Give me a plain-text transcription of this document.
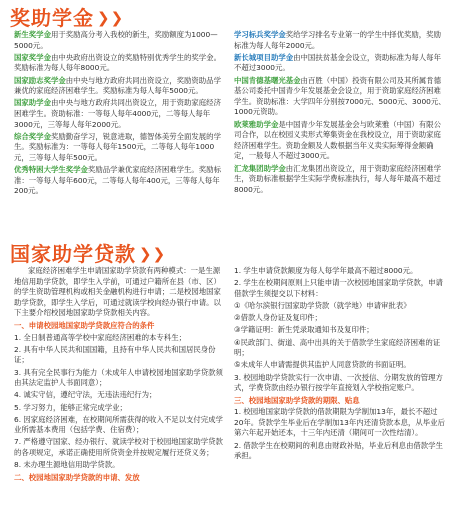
奖助学金 ❯❯

新生奖学金用于奖励高分考入我校的新生，奖励额度为1000—5000元。

国家奖学金由中央政府出资设立的奖励特别优秀学生的奖学金。奖励标准为每人每年8000元。

国家励志奖学金由中央与地方政府共同出资设立，奖励资助品学兼优的家庭经济困难学生。奖励标准为每人每年5000元。

国家助学金由中央与地方政府共同出资设立，用于资助家庭经济困难学生。资助标准：一等每人每年4000元，二等每人每年3000元，三等每人每年2000元。

综合奖学金奖励勤奋学习，锐意进取，德智体美劳全面发展的学生。奖励标准为：一等每人每年1500元，二等每人每年1000元，三等每人每年500元。

优秀特困大学生奖学金奖励品学兼优家庭经济困难学生。奖励标准：一等每人每年600元，二等每人每年400元，三等每人每年200元。

学习标兵奖学金奖给学习排名专业第一的学生中择优奖励，奖励标准为每人每年2000元。

新长城项目助学金由中国扶贫基金会设立，资助标准为每人每年不超过3000元。

中国肯德基曙光基金由百胜（中国）投资有限公司及其所属肯德基公司委托中国青少年发展基金会设立，用于资助家庭经济困难学生。资助标准：大学四年分别按7000元、5000元、3000元、1000元资助。

欧莱雅助学金是中国青少年发展基金会与欧莱雅（中国）有限公司合作，以在校园义卖形式筹集资金在我校设立，用于资助家庭经济困难学生。资助金额及人数根据当年义卖实际筹得金额确定，一般每人不超过3000元。

汇龙集团助学金由汇龙集团出资设立，用于资助家庭经济困难学生，资助标准根据学生实际学费标准执行，每人每年最高不超过8000元。

国家助学贷款 ❯❯

家庭经济困难学生申请国家助学贷款有两种模式：一是生源地信用助学贷款，即学生入学前，可通过户籍所在县（市、区）的学生资助管理机构或相关金融机构进行申请；二是校园地国家助学贷款，即学生入学后，可通过就读学校向经办银行申请。以下主要介绍校园地国家助学贷款相关内容。

一、申请校园地国家助学贷款应符合的条件

1. 全日制普通高等学校中家庭经济困难的本专科生；

2. 具有中华人民共和国国籍，且持有中华人民共和国居民身份证；

3. 具有完全民事行为能力（未成年人申请校园地国家助学贷款须由其法定监护人书面同意）；

4. 诚实守信，遵纪守法，无违法违纪行为；

5. 学习努力，能够正常完成学业；

6. 因家庭经济困难，在校期间所需获得的收入不足以支付完成学业所需基本费用（包括学费、住宿费）；

7. 严格遵守国家、经办银行、就读学校对于校园地国家助学贷款的各项规定，承诺正确使用所贷资金并按规定履行还贷义务；

8. 未办理生源地信用助学贷款。

二、校园地国家助学贷款的申请、发放

1. 学生申请贷款额度为每人每学年最高不超过8000元。

2. 学生在校期间原则上只能申请一次校园地国家助学贷款，申请借款学生须提交以下材料：

①《哈尔滨银行国家助学贷款（就学地）申请审批表》

②借款人身份证及复印件；

③学籍证明：新生凭录取通知书及复印件；

④民政部门、街道、高中出具的关于借款学生家庭经济困难的证明；

⑤未成年人申请需提供其监护人同意贷款的书面证明。

3. 校园地助学贷款实行一次申请、一次授信、分期发放的管理方式，学费贷款由经办银行按学年直接划入学校指定账户。

三、校园地国家助学贷款的期限、贴息

1. 校园地国家助学贷款的借款期限为学制加13年，最长不超过20年。贷款学生毕业后在学制加13年内还清贷款本息，从毕业后第六年起开始还本，十三年内还清（期间可一次性结清）。

2. 借款学生在校期间的利息由财政补贴，毕业后利息由借款学生承担。
